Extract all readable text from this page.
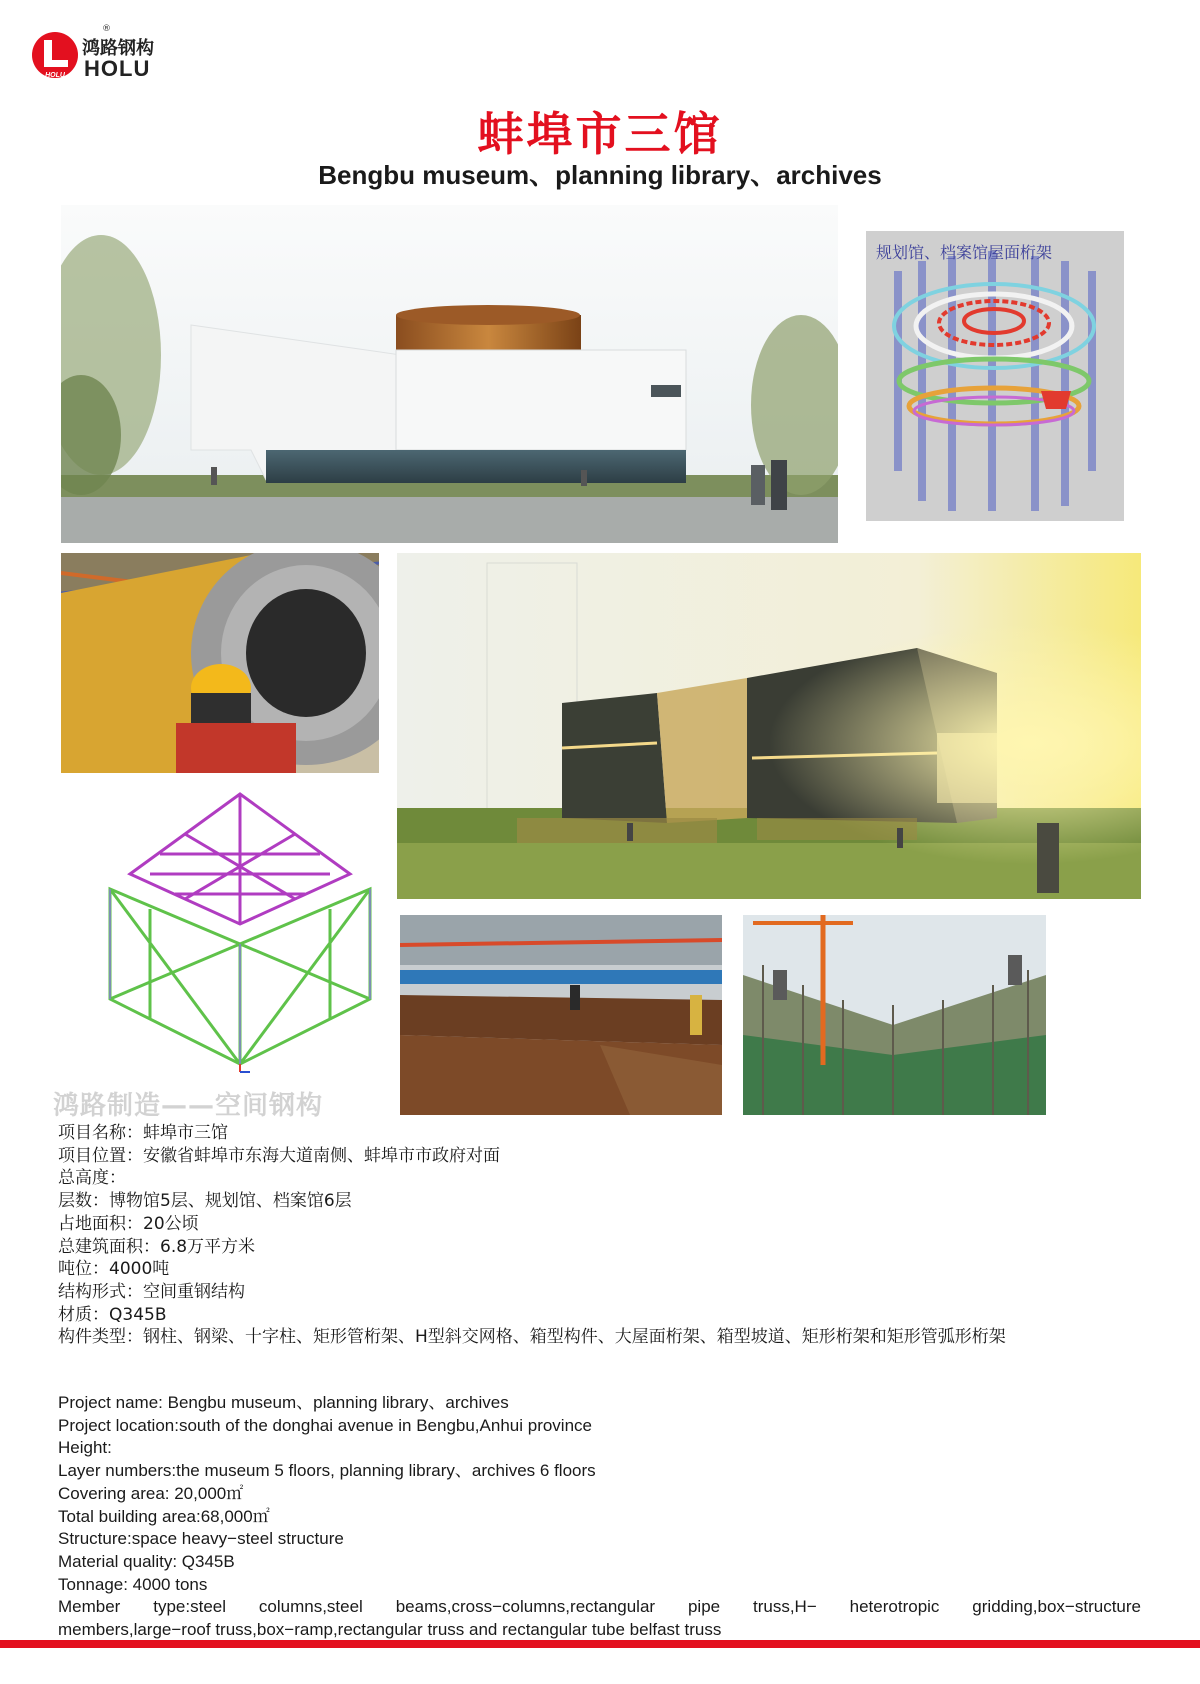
HOLU
®
鸿路钢构
HOLU
蚌埠市三馆
Bengbu museum、planning library、archives
规划馆、档案馆屋面桁架
鸿路制造——空间钢构
项目名称：蚌埠市三馆
项目位置：安徽省蚌埠市东海大道南侧、蚌埠市市政府对面
总高度：
层数：博物馆5层、规划馆、档案馆6层
占地面积：20公顷
总建筑面积：6.8万平方米
吨位：4000吨
结构形式：空间重钢结构
材质：Q345B
构件类型：钢柱、钢梁、十字柱、矩形管桁架、H型斜交网格、箱型构件、大屋面桁架、箱型坡道、矩形桁架和矩形管弧形桁架
Project name: Bengbu museum、planning library、archives
Project location:south of the donghai avenue in Bengbu,Anhui province
Height:
Layer numbers:the museum 5 floors, planning library、archives 6 floors
Covering area: 20,000㎡
Total building area:68,000㎡
Structure:space heavy−steel structure
Material quality: Q345B
Tonnage: 4000 tons
Member type:steel columns,steel beams,cross−columns,rectangular pipe truss,H− heterotropic gridding,box−structure
members,large−roof truss,box−ramp,rectangular truss and rectangular tube belfast truss
